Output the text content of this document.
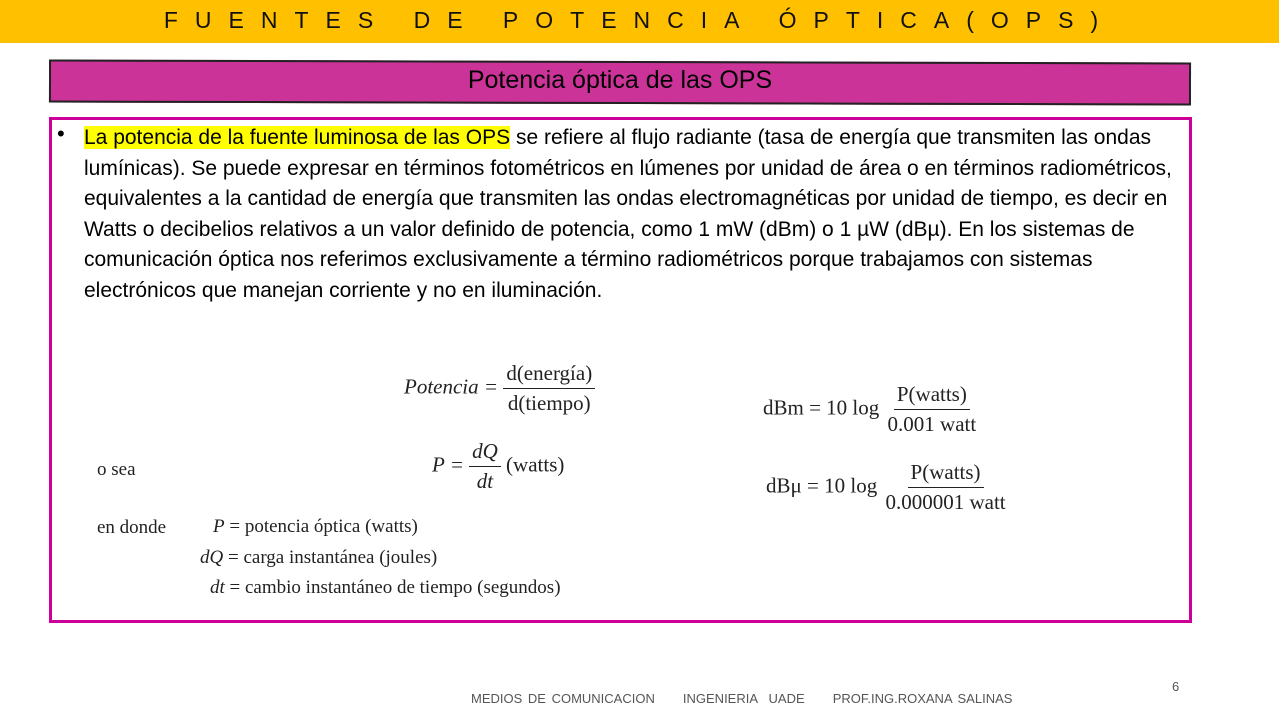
FUENTES DE POTENCIA ÓPTICA(OPS)
Potencia óptica de las OPS
• La potencia de la fuente luminosa de las OPS se refiere al flujo radiante (tasa de energía que transmiten las ondas lumínicas). Se puede expresar en términos fotométricos en lúmenes por unidad de área o en términos radiométricos, equivalentes a la cantidad de energía que transmiten las ondas electromagnéticas por unidad de tiempo, es decir en Watts o decibelios relativos a un valor definido de potencia, como 1 mW (dBm) o 1 µW (dBµ). En los sistemas de comunicación óptica nos referimos exclusivamente a término radiométricos porque trabajamos con sistemas electrónicos que manejan corriente y no en iluminación.
Potencia = $\frac{\text{d(energía)}}{\text{d(tiempo)}}$	dBm = 10 $\log \frac{\text{P(watts)}}{\text{0.001 watt}}$
o sea	$P = \frac{dQ}{dt}$ (watts)
dBμ = 10 $\log \frac{\text{P(watts)}}{\text{0.000001 watt}}$
en donde P = potencia óptica (watts)
dQ = carga instantánea (joules)
dt = cambio instantáneo de tiempo (segundos)
6
MEDIOS DE COMUNICACION     INGENIERIA  UADE     PROF.ING.ROXANA SALINAS
